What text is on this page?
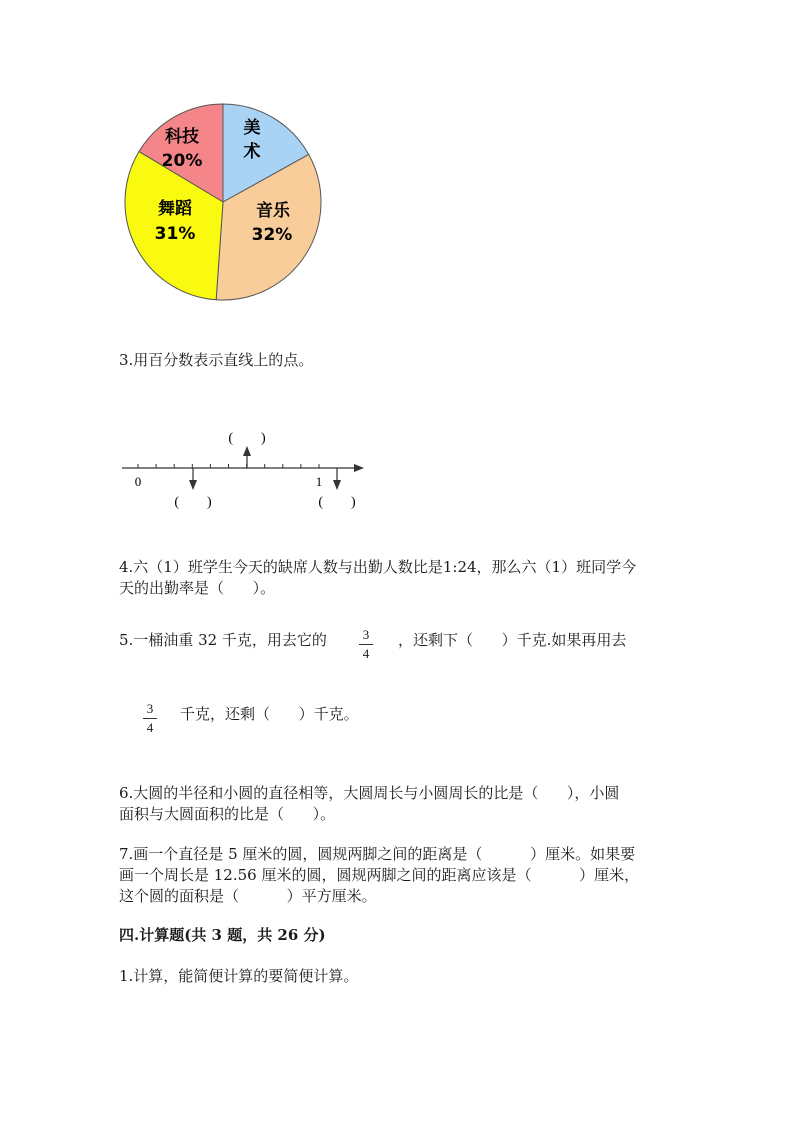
科技
20%
美
术
音乐
32%
舞蹈
31%
3.用百分数表示直线上的点。
0	1
(        )
(        )	(        )
4.六（1）班学生今天的缺席人数与出勤人数比是1:24，那么六（1）班同学今
天的出勤率是（      ）。
5.一桶油重 32 千克，用去它的	3
4
，还剩下（      ）千克.如果再用去
3
4
千克，还剩（      ）千克。
6.大圆的半径和小圆的直径相等，大圆周长与小圆周长的比是（      ），小圆
面积与大圆面积的比是（      ）。
7.画一个直径是 5 厘米的圆，圆规两脚之间的距离是（          ）厘米。如果要
画一个周长是 12.56 厘米的圆，圆规两脚之间的距离应该是（          ）厘米，
这个圆的面积是（          ）平方厘米。
四.计算题(共 3 题，共 26 分)
1.计算，能简便计算的要简便计算。
